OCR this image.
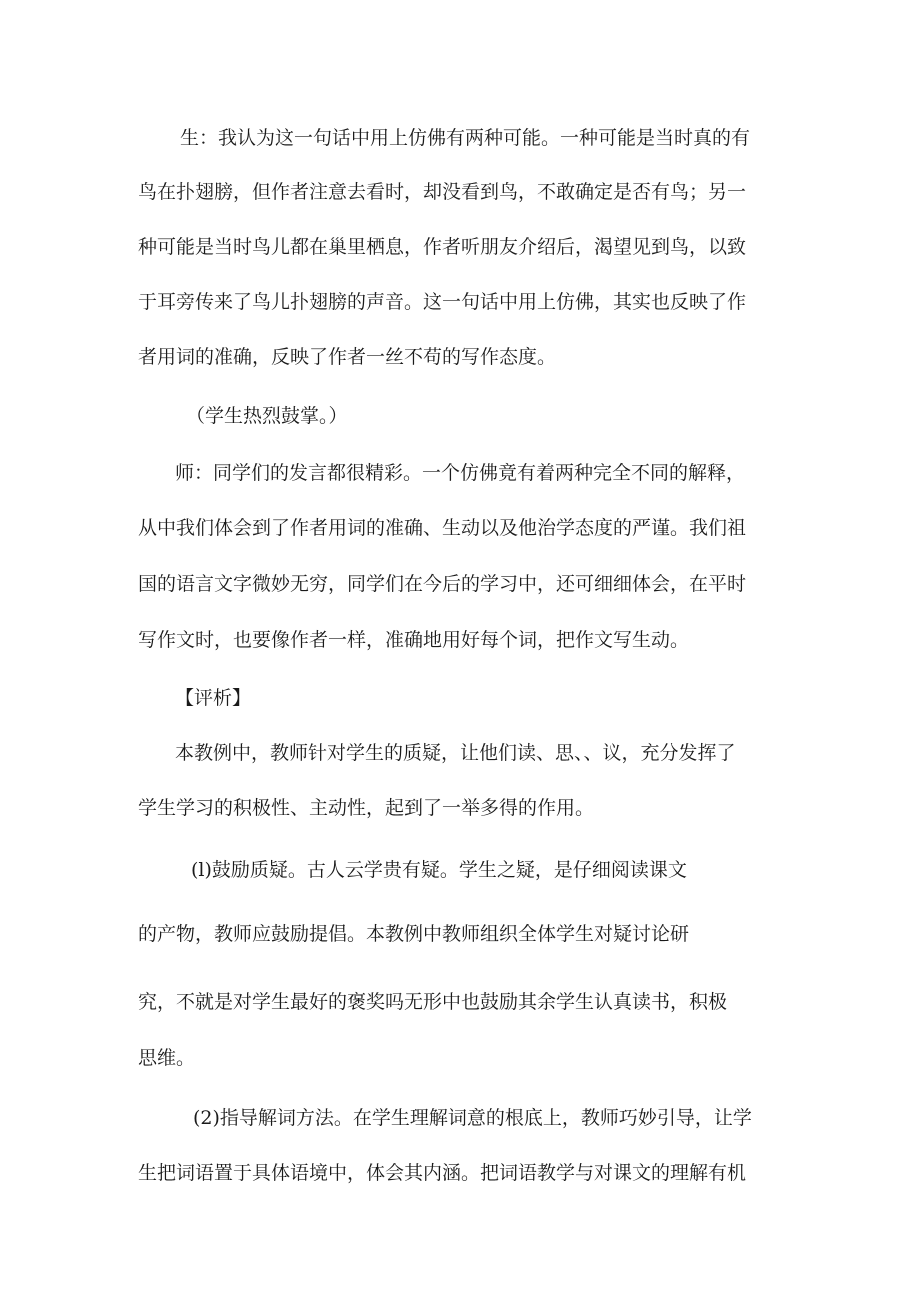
生：我认为这一句话中用上仿佛有两种可能。一种可能是当时真的有

鸟在扑翅膀，但作者注意去看时，却没看到鸟，不敢确定是否有鸟；另一

种可能是当时鸟儿都在巢里栖息，作者听朋友介绍后，渴望见到鸟，以致

于耳旁传来了鸟儿扑翅膀的声音。这一句话中用上仿佛，其实也反映了作

者用词的准确，反映了作者一丝不苟的写作态度。

（学生热烈鼓掌。）

师：同学们的发言都很精彩。一个仿佛竟有着两种完全不同的解释，

从中我们体会到了作者用词的准确、生动以及他治学态度的严谨。我们祖

国的语言文字微妙无穷，同学们在今后的学习中，还可细细体会，在平时

写作文时，也要像作者一样，准确地用好每个词，把作文写生动。

【评析】

本教例中，教师针对学生的质疑，让他们读、思、、议，充分发挥了

学生学习的积极性、主动性，起到了一举多得的作用。

(l)鼓励质疑。古人云学贵有疑。学生之疑，是仔细阅读课文

的产物，教师应鼓励提倡。本教例中教师组织全体学生对疑讨论研

究，不就是对学生最好的褒奖吗无形中也鼓励其余学生认真读书，积极

思维。

(2)指导解词方法。在学生理解词意的根底上，教师巧妙引导，让学

生把词语置于具体语境中，体会其内涵。把词语教学与对课文的理解有机
